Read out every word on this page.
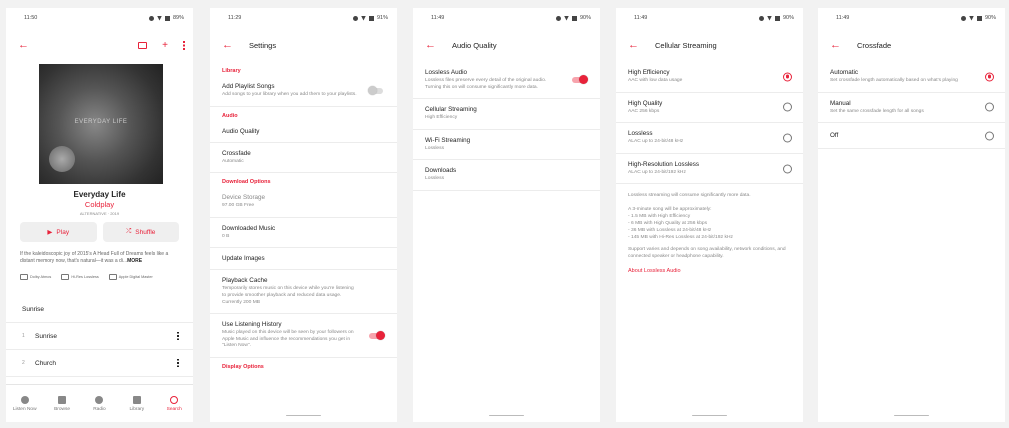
11:50	89%
←	+
EVERYDAY LIFE
Everyday Life
Coldplay
ALTERNATIVE · 2019
▶ Play	⤮ Shuffle
If the kaleidoscopic joy of 2015's A Head Full of Dreams feels like a distant memory now, that's natural—it was a di...MORE
Dolby Atmos	Hi-Res Lossless	Apple Digital Master
Sunrise
1	Sunrise
2	Church
Listen Now	Browse	Radio	Library	Search
11:29	91%
←	Settings
Library
Add Playlist Songs
Add songs to your library when you add them to your playlists.
Audio
Audio Quality
Crossfade
Automatic
Download Options
Device Storage
97.00 GB Free
Downloaded Music
0 B
Update Images
Playback Cache
Temporarily stores music on this device while you're listening to provide smoother playback and reduced data usage. Currently 200 MB
Use Listening History
Music played on this device will be seen by your followers on Apple Music and influence the recommendations you get in "Listen Now".
Display Options
11:49	90%
←	Audio Quality
Lossless Audio
Lossless files preserve every detail of the original audio. Turning this on will consume significantly more data.
Cellular Streaming
High Efficiency
Wi-Fi Streaming
Lossless
Downloads
Lossless
11:49	90%
←	Cellular Streaming
High Efficiency
AAC with low data usage
High Quality
AAC 256 kbps
Lossless
ALAC up to 24-bit/48 kHz
High-Resolution Lossless
ALAC up to 24-bit/192 kHz
Lossless streaming will consume significantly more data.
A 3-minute song will be approximately:
- 1.5 MB with High Efficiency
- 6 MB with High Quality at 256 kbps
- 36 MB with Lossless at 24-bit/48 kHz
- 145 MB with Hi-Res Lossless at 24-bit/192 kHz
Support varies and depends on song availability, network conditions, and connected speaker or headphone capability.
About Lossless Audio
11:49	90%
←	Crossfade
Automatic
Set crossfade length automatically based on what's playing
Manual
Set the same crossfade length for all songs
Off
